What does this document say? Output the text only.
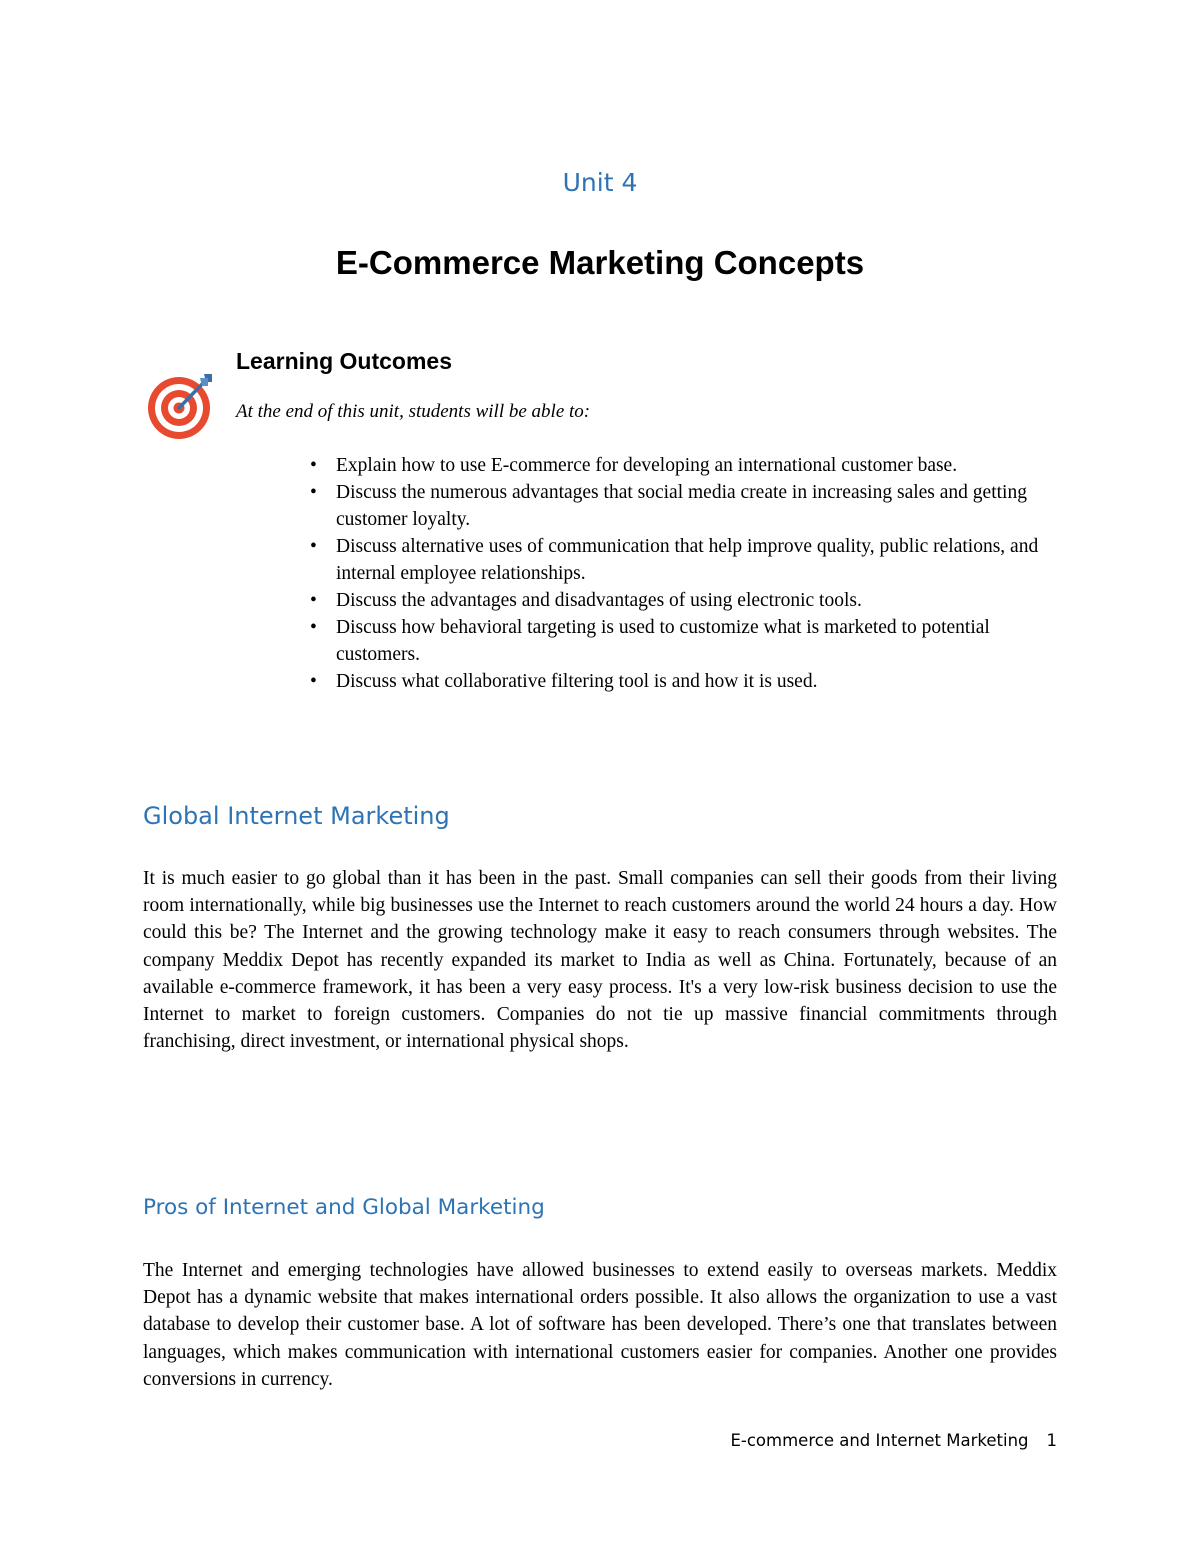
Unit 4
E-Commerce Marketing Concepts
Learning Outcomes
At the end of this unit, students will be able to:
• Explain how to use E-commerce for developing an international customer base.
• Discuss the numerous advantages that social media create in increasing sales and getting customer loyalty.
• Discuss alternative uses of communication that help improve quality, public relations, and internal employee relationships.
• Discuss the advantages and disadvantages of using electronic tools.
• Discuss how behavioral targeting is used to customize what is marketed to potential customers.
• Discuss what collaborative filtering tool is and how it is used.
Global Internet Marketing

It is much easier to go global than it has been in the past. Small companies can sell their goods from their living room internationally, while big businesses use the Internet to reach customers around the world 24 hours a day. How could this be? The Internet and the growing technology make it easy to reach consumers through websites. The company Meddix Depot has recently expanded its market to India as well as China. Fortunately, because of an available e-commerce framework, it has been a very easy process. It's a very low-risk business decision to use the Internet to market to foreign customers. Companies do not tie up massive financial commitments through franchising, direct investment, or international physical shops.

Pros of Internet and Global Marketing

The Internet and emerging technologies have allowed businesses to extend easily to overseas markets. Meddix Depot has a dynamic website that makes international orders possible. It also allows the organization to use a vast database to develop their customer base. A lot of software has been developed. There’s one that translates between languages, which makes communication with international customers easier for companies. Another one provides conversions in currency.

E-commerce and Internet Marketing 1
